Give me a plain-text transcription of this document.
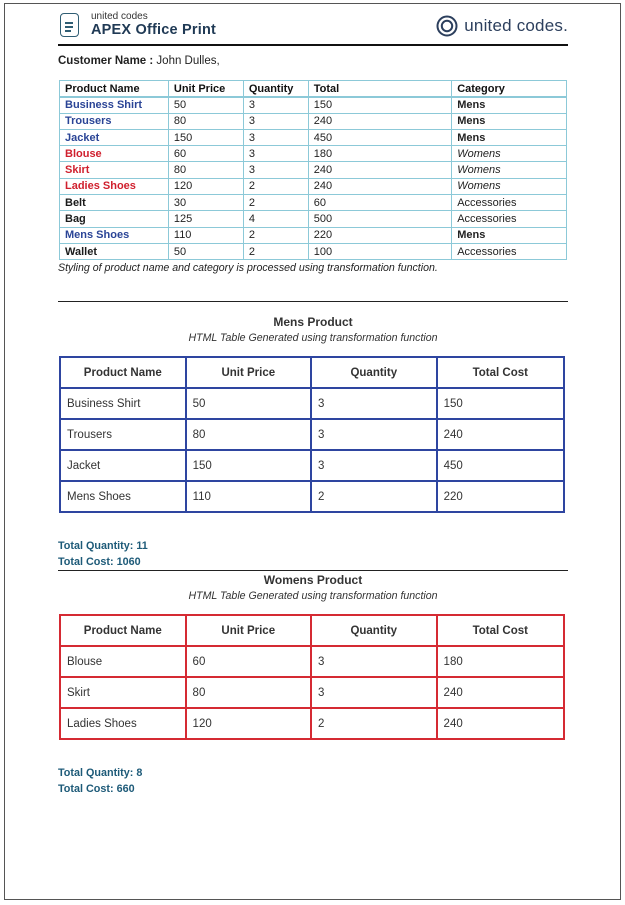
united codes
APEX Office Print	united codes.
Customer Name : John Dulles,
Product Name	Unit Price	Quantity	Total	Category
Business Shirt	50	3	150	Mens
Trousers	80	3	240	Mens
Jacket	150	3	450	Mens
Blouse	60	3	180	Womens
Skirt	80	3	240	Womens
Ladies Shoes	120	2	240	Womens
Belt	30	2	60	Accessories
Bag	125	4	500	Accessories
Mens Shoes	110	2	220	Mens
Wallet	50	2	100	Accessories
Styling of product name and category is processed using transformation function.
Mens Product
HTML Table Generated using transformation function
Product Name	Unit Price	Quantity	Total Cost
Business Shirt	50	3	150
Trousers	80	3	240
Jacket	150	3	450
Mens Shoes	110	2	220
Total Quantity: 11
Total Cost: 1060
Womens Product
HTML Table Generated using transformation function
Product Name	Unit Price	Quantity	Total Cost
Blouse	60	3	180
Skirt	80	3	240
Ladies Shoes	120	2	240
Total Quantity: 8
Total Cost: 660
